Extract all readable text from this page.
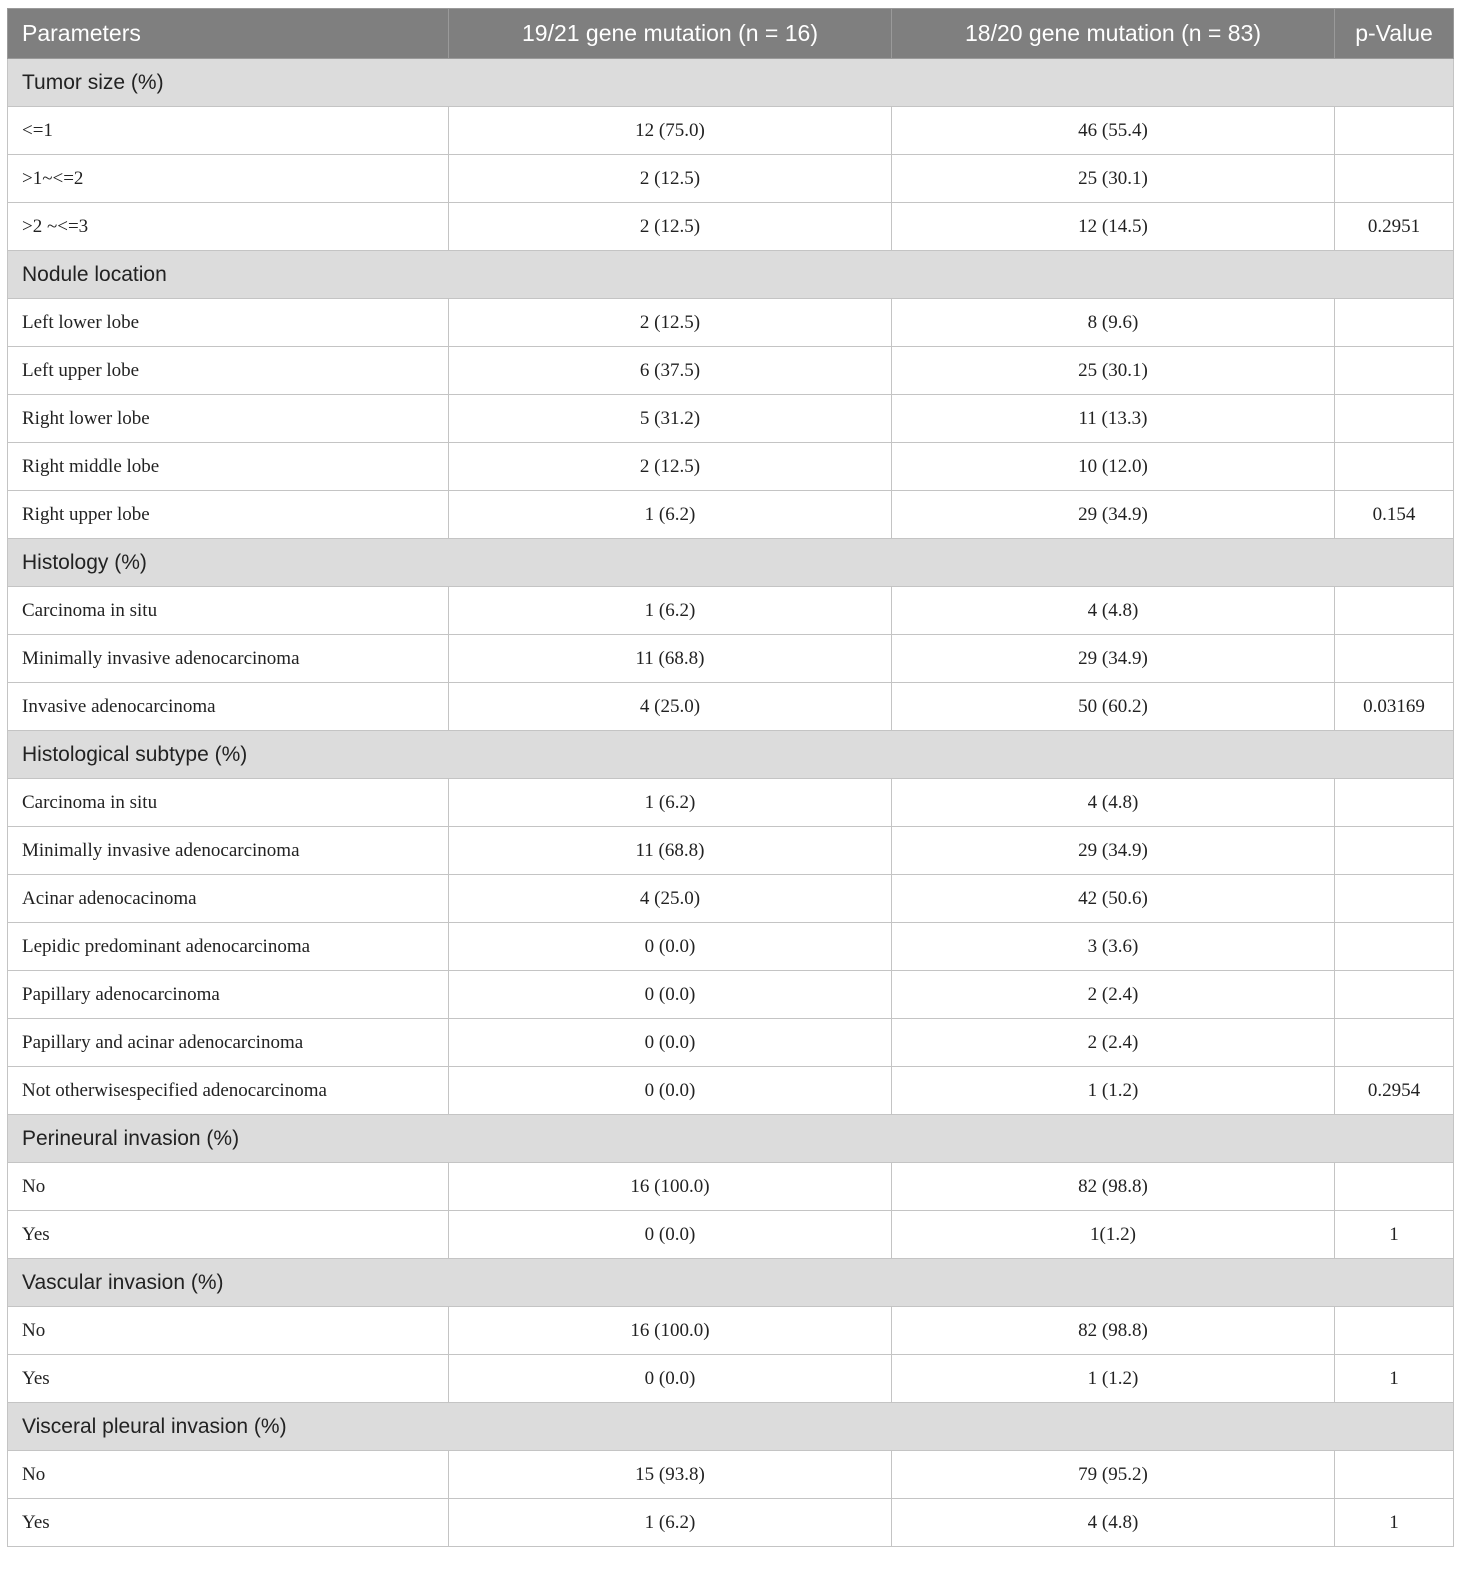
Parameters	19/21 gene mutation (n = 16)	18/20 gene mutation (n = 83)	p-Value
Tumor size (%)			
<=1	12 (75.0)	46 (55.4)	
>1~<=2	2 (12.5)	25 (30.1)	
>2 ~<=3	2 (12.5)	12 (14.5)	0.2951
Nodule location			
Left lower lobe	2 (12.5)	8 (9.6)	
Left upper lobe	6 (37.5)	25 (30.1)	
Right lower lobe	5 (31.2)	11 (13.3)	
Right middle lobe	2 (12.5)	10 (12.0)	
Right upper lobe	1 (6.2)	29 (34.9)	0.154
Histology (%)			
Carcinoma in situ	1 (6.2)	4 (4.8)	
Minimally invasive adenocarcinoma	11 (68.8)	29 (34.9)	
Invasive adenocarcinoma	4 (25.0)	50 (60.2)	0.03169
Histological subtype (%)			
Carcinoma in situ	1 (6.2)	4 (4.8)	
Minimally invasive adenocarcinoma	11 (68.8)	29 (34.9)	
Acinar adenocacinoma	4 (25.0)	42 (50.6)	
Lepidic predominant adenocarcinoma	0 (0.0)	3 (3.6)	
Papillary adenocarcinoma	0 (0.0)	2 (2.4)	
Papillary and acinar adenocarcinoma	0 (0.0)	2 (2.4)	
Not otherwisespecified adenocarcinoma	0 (0.0)	1 (1.2)	0.2954
Perineural invasion (%)			
No	16 (100.0)	82 (98.8)	
Yes	0 (0.0)	1(1.2)	1
Vascular invasion (%)			
No	16 (100.0)	82 (98.8)	
Yes	0 (0.0)	1 (1.2)	1
Visceral pleural invasion (%)			
No	15 (93.8)	79 (95.2)	
Yes	1 (6.2)	4 (4.8)	1
